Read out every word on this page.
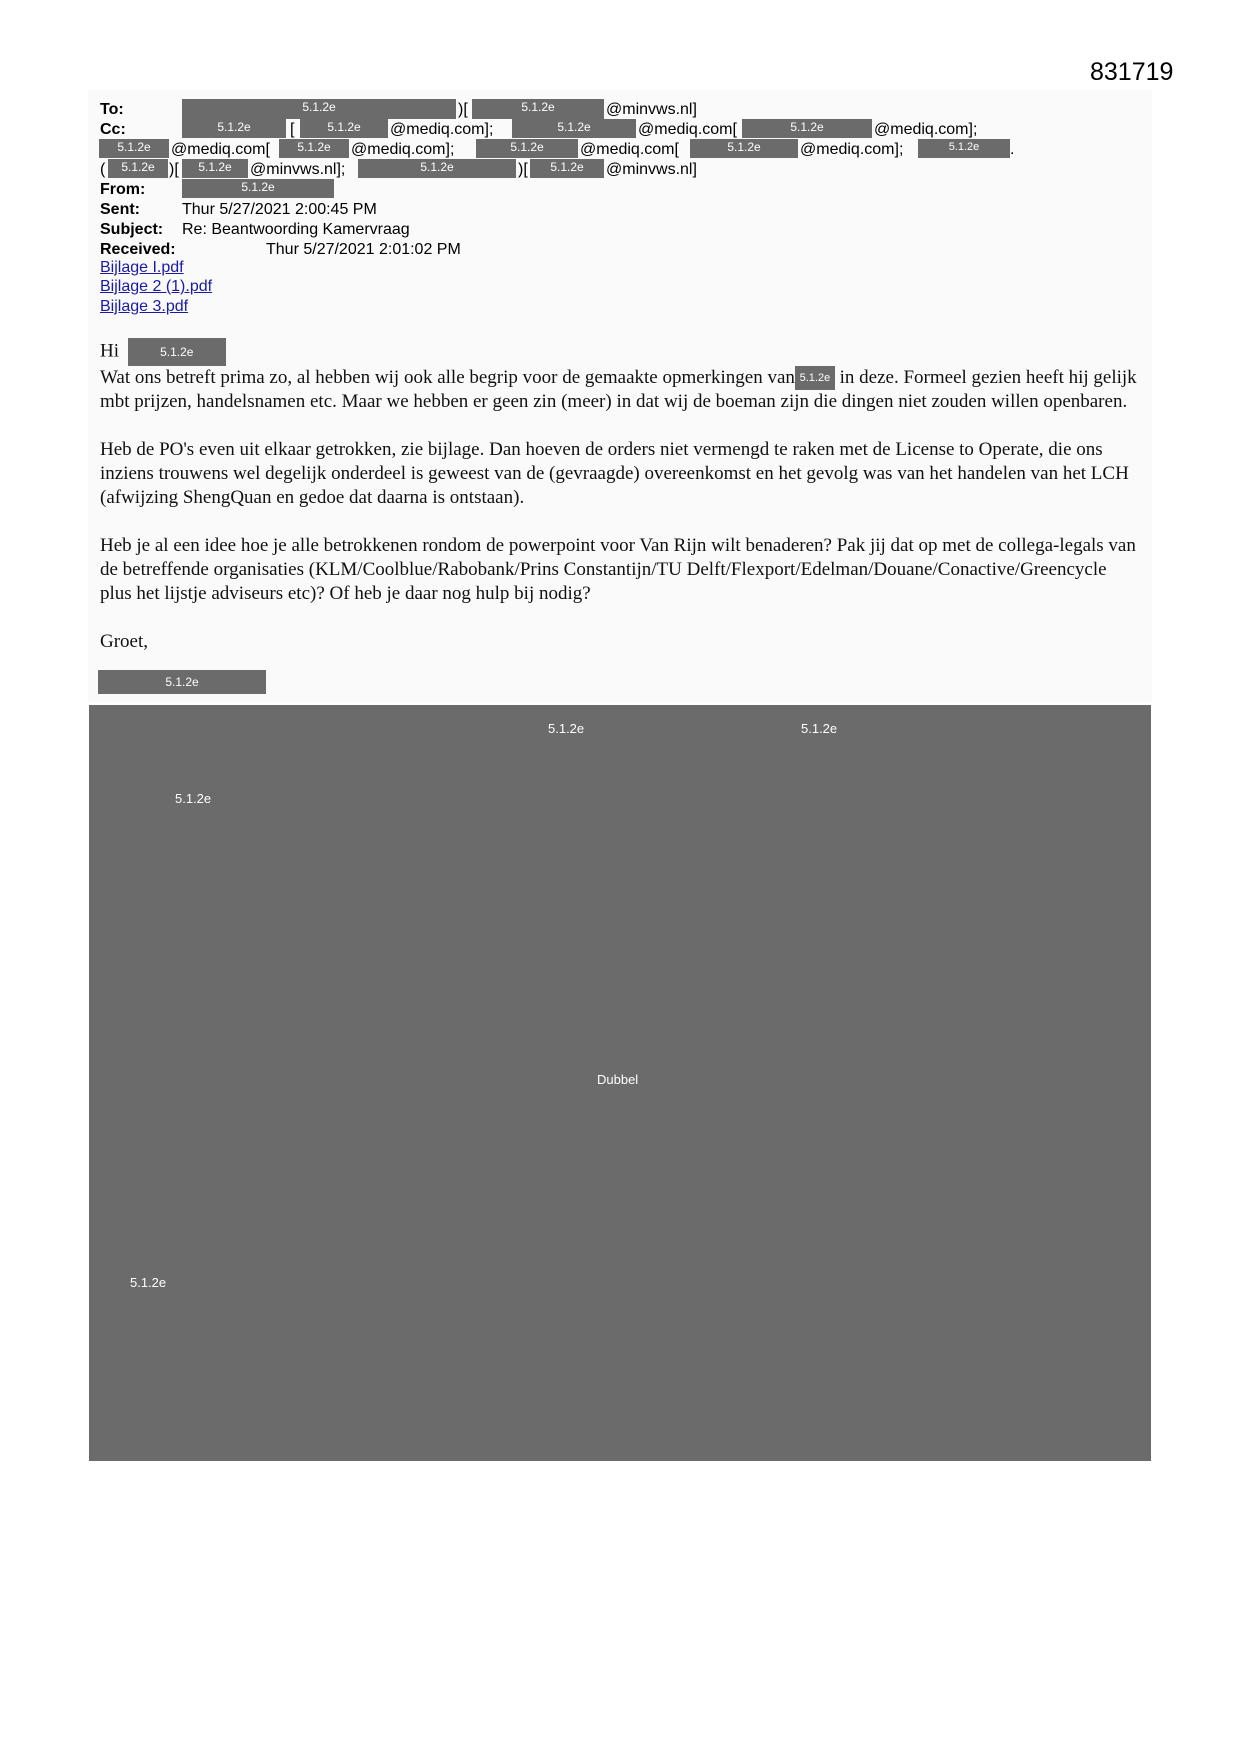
831719
To:	5.1.2e	)[	5.1.2e	@minvws.nl]
Cc:	5.1.2e	[	5.1.2e	@mediq.com];	5.1.2e	@mediq.com[	5.1.2e	@mediq.com];
5.1.2e	@mediq.com[	5.1.2e	@mediq.com];	5.1.2e	@mediq.com[	5.1.2e	@mediq.com];	5.1.2e	.
(	5.1.2e )[	5.1.2e	@minvws.nl];	5.1.2e	)[	5.1.2e	@minvws.nl]
From:	5.1.2e
Sent:	Thur 5/27/2021 2:00:45 PM
Subject: Re: Beantwoording Kamervraag
Received:	Thur 5/27/2021 2:01:02 PM
Bijlage I.pdf
Bijlage 2 (1).pdf
Bijlage 3.pdf

Hi	5.1.2e

Wat ons betreft prima zo, al hebben wij ook alle begrip voor de gemaakte opmerkingen van 5.1.2e in deze. Formeel gezien heeft hij gelijk mbt prijzen, handelsnamen etc. Maar we hebben er geen zin (meer) in dat wij de boeman zijn die dingen niet zouden willen openbaren.

Heb de PO's even uit elkaar getrokken, zie bijlage. Dan hoeven de orders niet vermengd te raken met de License to Operate, die ons inziens trouwens wel degelijk onderdeel is geweest van de (gevraagde) overeenkomst en het gevolg was van het handelen van het LCH (afwijzing ShengQuan en gedoe dat daarna is ontstaan).

Heb je al een idee hoe je alle betrokkenen rondom de powerpoint voor Van Rijn wilt benaderen? Pak jij dat op met de collega-legals van de betreffende organisaties (KLM/Coolblue/Rabobank/Prins Constantijn/TU Delft/Flexport/Edelman/Douane/Conactive/Greencycle plus het lijstje adviseurs etc)? Of heb je daar nog hulp bij nodig?

Groet,

5.1.2e
5.1.2e	5.1.2e
5.1.2e
Dubbel
5.1.2e
